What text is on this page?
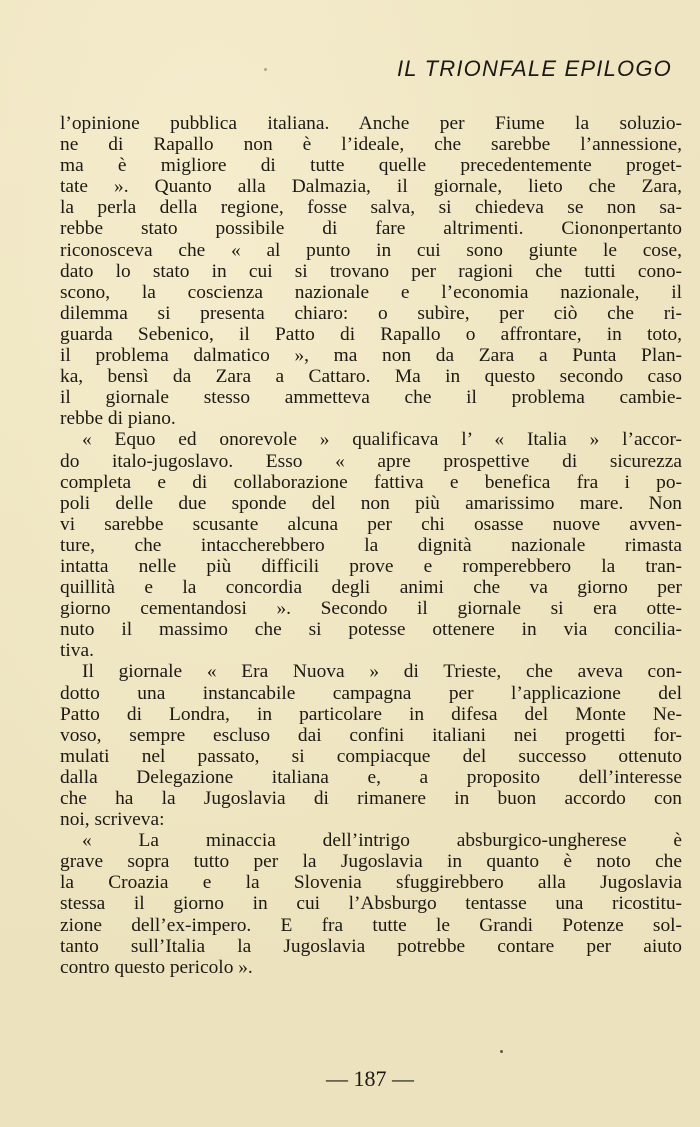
IL TRIONFALE EPILOGO
l’opinione pubblica italiana. Anche per Fiume la soluzio-
ne di Rapallo non è l’ideale, che sarebbe l’annessione,
ma è migliore di tutte quelle precedentemente proget-
tate ». Quanto alla Dalmazia, il giornale, lieto che Zara,
la perla della regione, fosse salva, si chiedeva se non sa-
rebbe stato possibile di fare altrimenti. Ciononpertanto
riconosceva che « al punto in cui sono giunte le cose,
dato lo stato in cui si trovano per ragioni che tutti cono-
scono, la coscienza nazionale e l’economia nazionale, il
dilemma si presenta chiaro: o subìre, per ciò che ri-
guarda Sebenico, il Patto di Rapallo o affrontare, in toto,
il problema dalmatico », ma non da Zara a Punta Plan-
ka, bensì da Zara a Cattaro. Ma in questo secondo caso
il giornale stesso ammetteva che il problema cambie-
rebbe di piano.
« Equo ed onorevole » qualificava l’ « Italia » l’accor-
do italo-jugoslavo. Esso « apre prospettive di sicurezza
completa e di collaborazione fattiva e benefica fra i po-
poli delle due sponde del non più amarissimo mare. Non
vi sarebbe scusante alcuna per chi osasse nuove avven-
ture, che intaccherebbero la dignità nazionale rimasta
intatta nelle più difficili prove e romperebbero la tran-
quillità e la concordia degli animi che va giorno per
giorno cementandosi ». Secondo il giornale si era otte-
nuto il massimo che si potesse ottenere in via concilia-
tiva.
Il giornale « Era Nuova » di Trieste, che aveva con-
dotto una instancabile campagna per l’applicazione del
Patto di Londra, in particolare in difesa del Monte Ne-
voso, sempre escluso dai confini italiani nei progetti for-
mulati nel passato, si compiacque del successo ottenuto
dalla Delegazione italiana e, a proposito dell’interesse
che ha la Jugoslavia di rimanere in buon accordo con
noi, scriveva:
« La minaccia dell’intrigo absburgico-ungherese è
grave sopra tutto per la Jugoslavia in quanto è noto che
la Croazia e la Slovenia sfuggirebbero alla Jugoslavia
stessa il giorno in cui l’Absburgo tentasse una ricostitu-
zione dell’ex-impero. E fra tutte le Grandi Potenze sol-
tanto sull’Italia la Jugoslavia potrebbe contare per aiuto
contro questo pericolo ».
— 187 —
